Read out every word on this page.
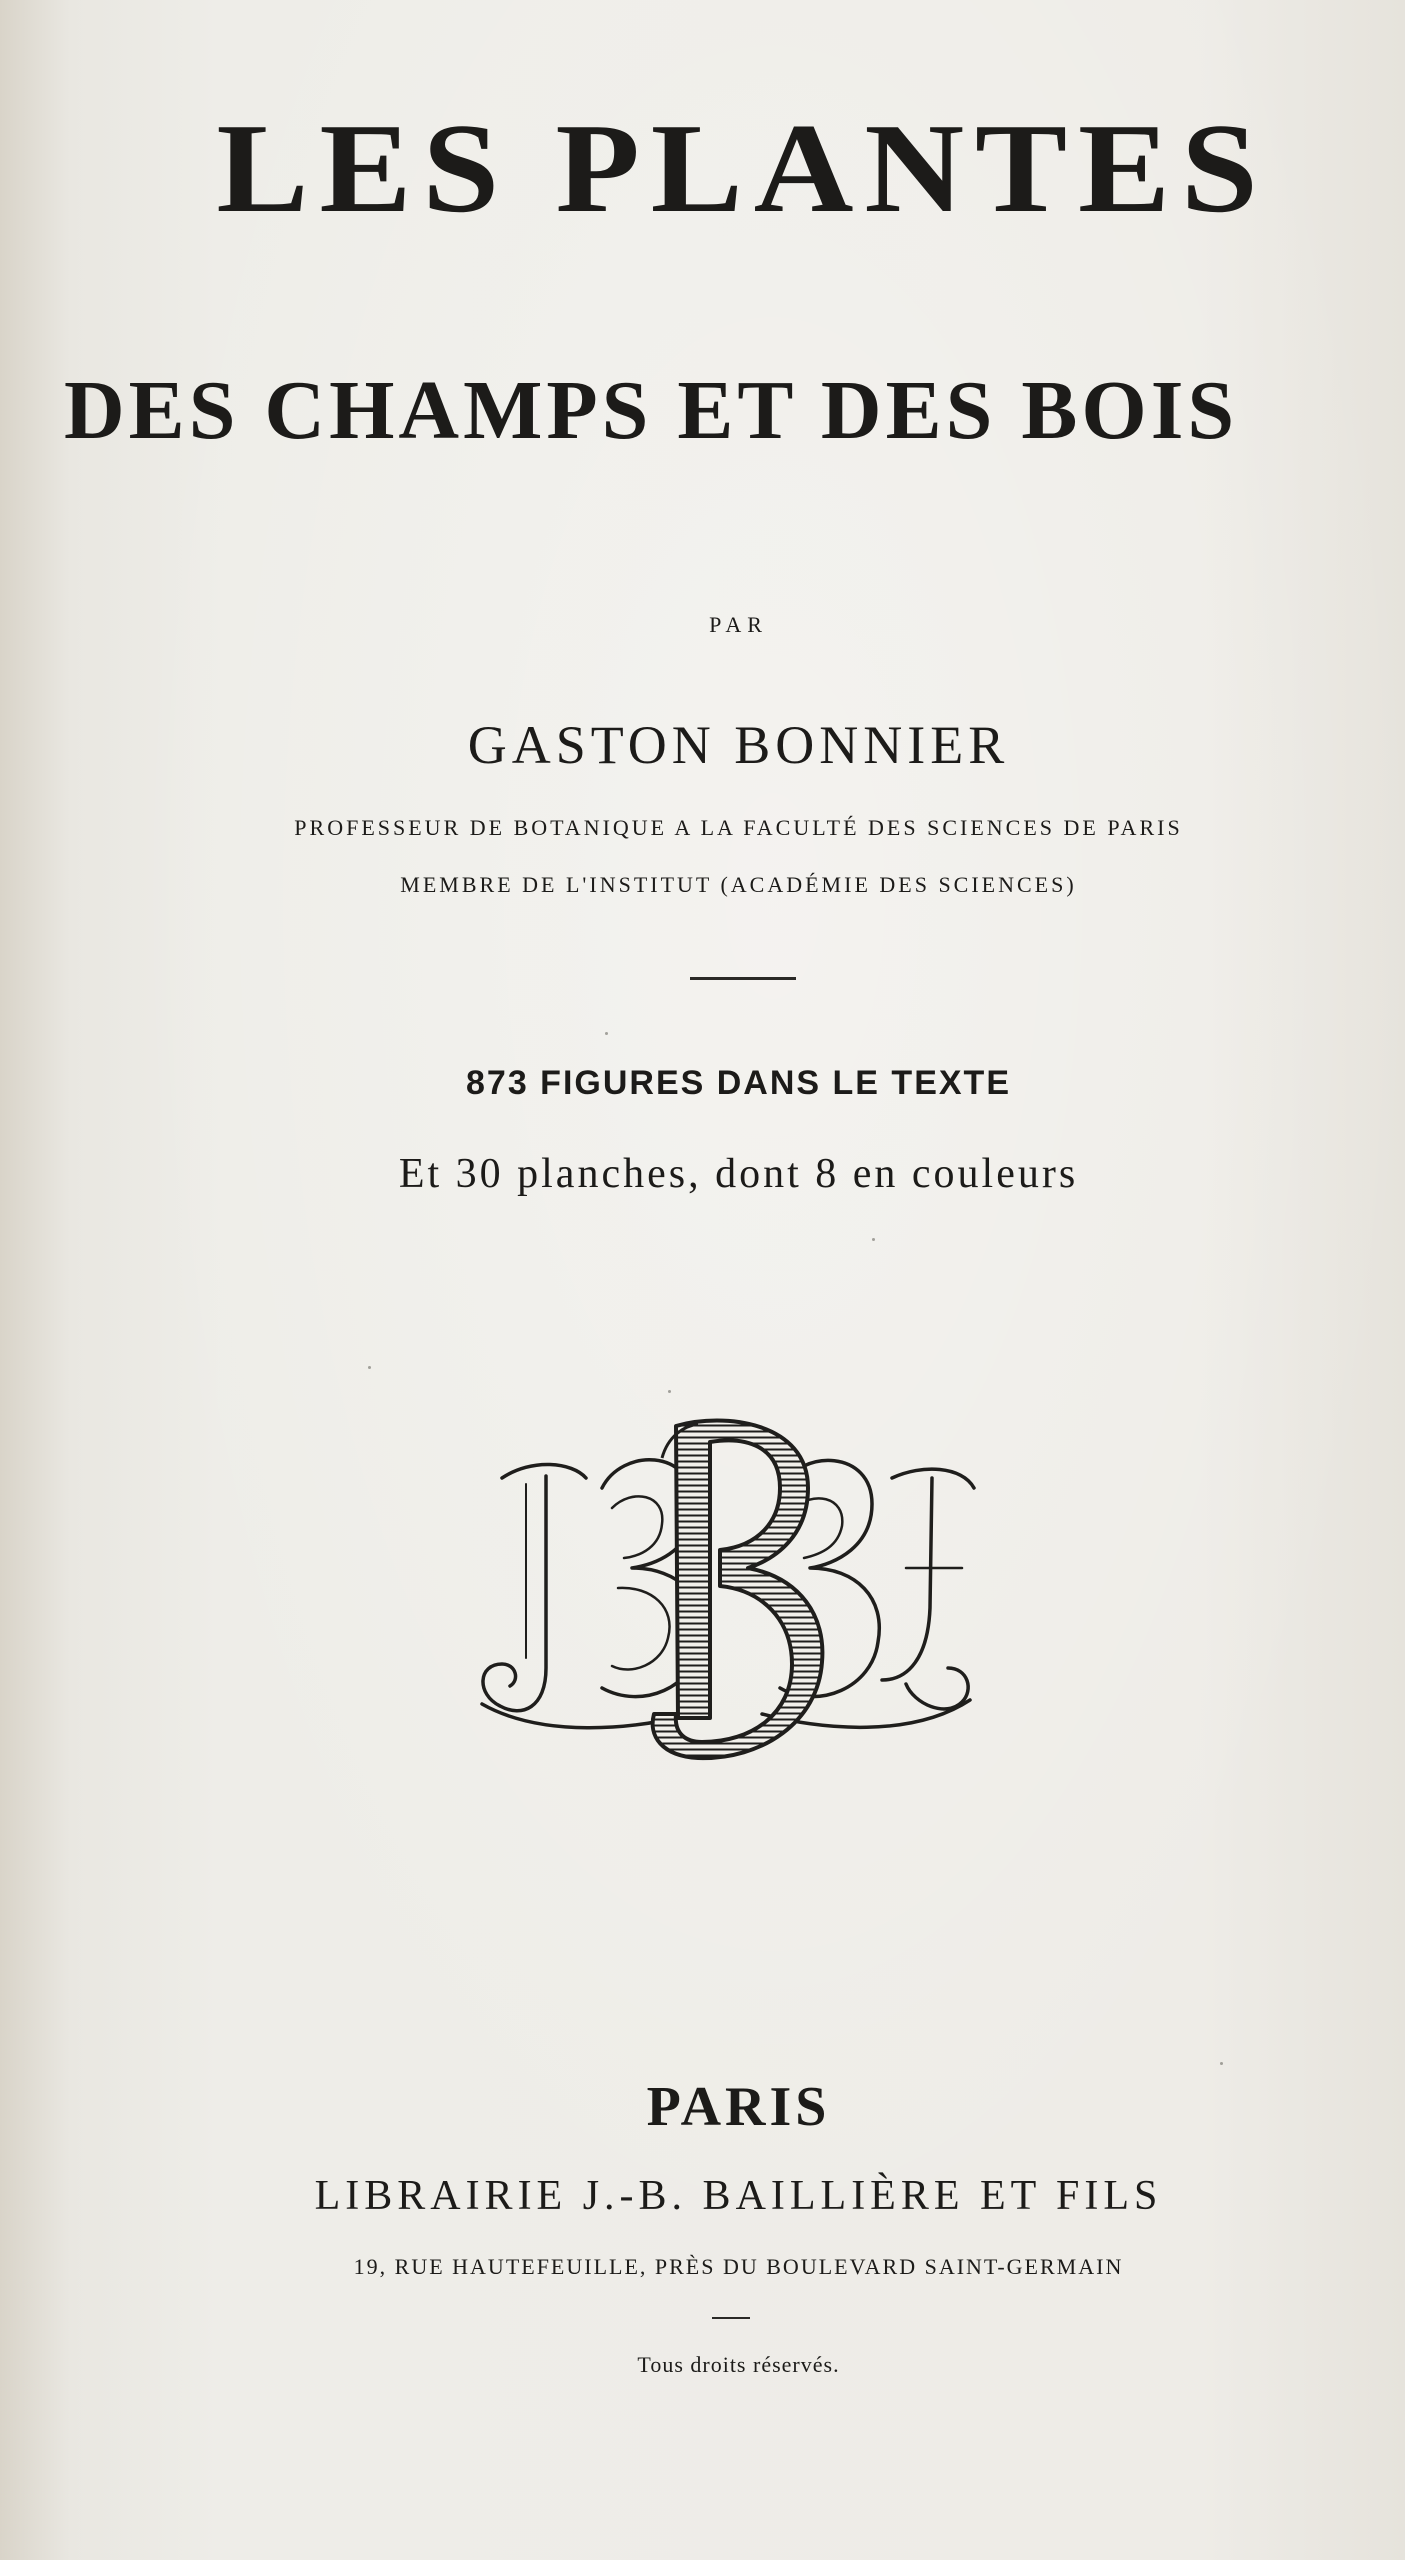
LES PLANTES
DES CHAMPS ET DES BOIS

PAR

GASTON BONNIER

PROFESSEUR DE BOTANIQUE A LA FACULTÉ DES SCIENCES DE PARIS

MEMBRE DE L'INSTITUT (ACADÉMIE DES SCIENCES)

873 FIGURES DANS LE TEXTE

Et 30 planches, dont 8 en couleurs

PARIS

LIBRAIRIE J.-B. BAILLIÈRE ET FILS

19, RUE HAUTEFEUILLE, PRÈS DU BOULEVARD SAINT-GERMAIN

Tous droits réservés.
